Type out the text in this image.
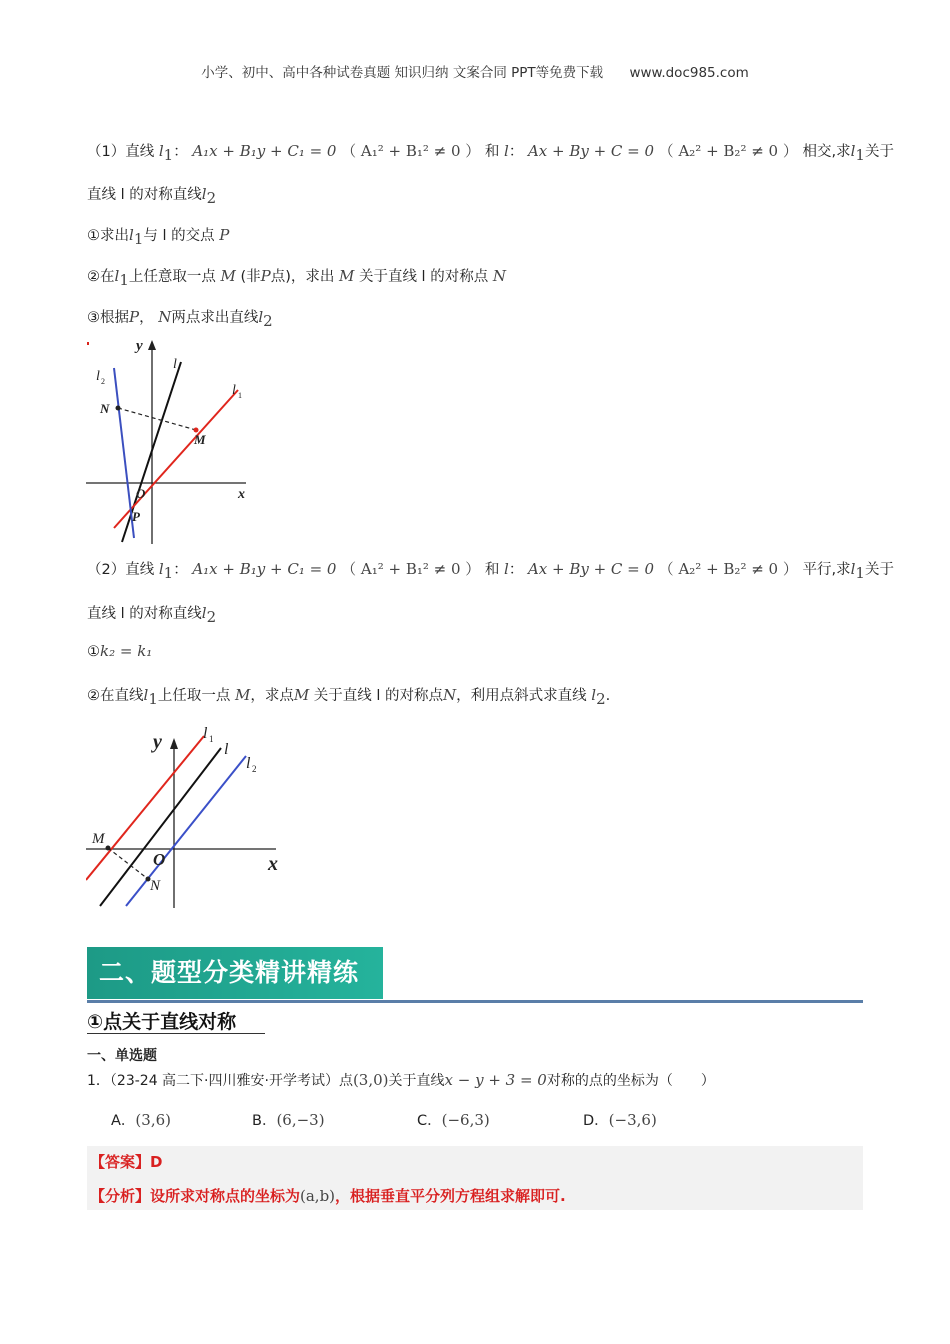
小学、初中、高中各种试卷真题 知识归纳 文案合同 PPT等免费下载 www.doc985.com
（1）直线 $l_1$： A₁x + B₁y + C₁ = 0 （ A₁² + B₁² ≠ 0 ） 和 l： Ax + By + C = 0 （ A₂² + B₂² ≠ 0 ） 相交,求$l_1$关于
直线 l 的对称直线$l_2$
①求出$l_1$与 l 的交点 P
②在$l_1$上任意取一点 M (非P点)，求出 M 关于直线 l 的对称点 N
③根据P， N两点求出直线$l_2$
y
x
l
l 1
l 2
N
M
O
P
（2）直线 $l_1$： A₁x + B₁y + C₁ = 0 （ A₁² + B₁² ≠ 0 ） 和 l： Ax + By + C = 0 （ A₂² + B₂² ≠ 0 ） 平行,求$l_1$关于
直线 l 的对称直线$l_2$
①k₂ = k₁
②在直线$l_1$上任取一点 M，求点M 关于直线 l 的对称点N，利用点斜式求直线 $l_2$.
y
x
l 1
l
l 2
M
N
O
二、题型分类精讲精练
①点关于直线对称
一、单选题
1．（23-24 高二下·四川雅安·开学考试）点(3,0)关于直线x − y + 3 = 0对称的点的坐标为（　　）
A．(3,6)	B．(6,−3)	C．(−6,3)	D．(−3,6)
【答案】D
【分析】设所求对称点的坐标为(a,b)，根据垂直平分列方程组求解即可.
